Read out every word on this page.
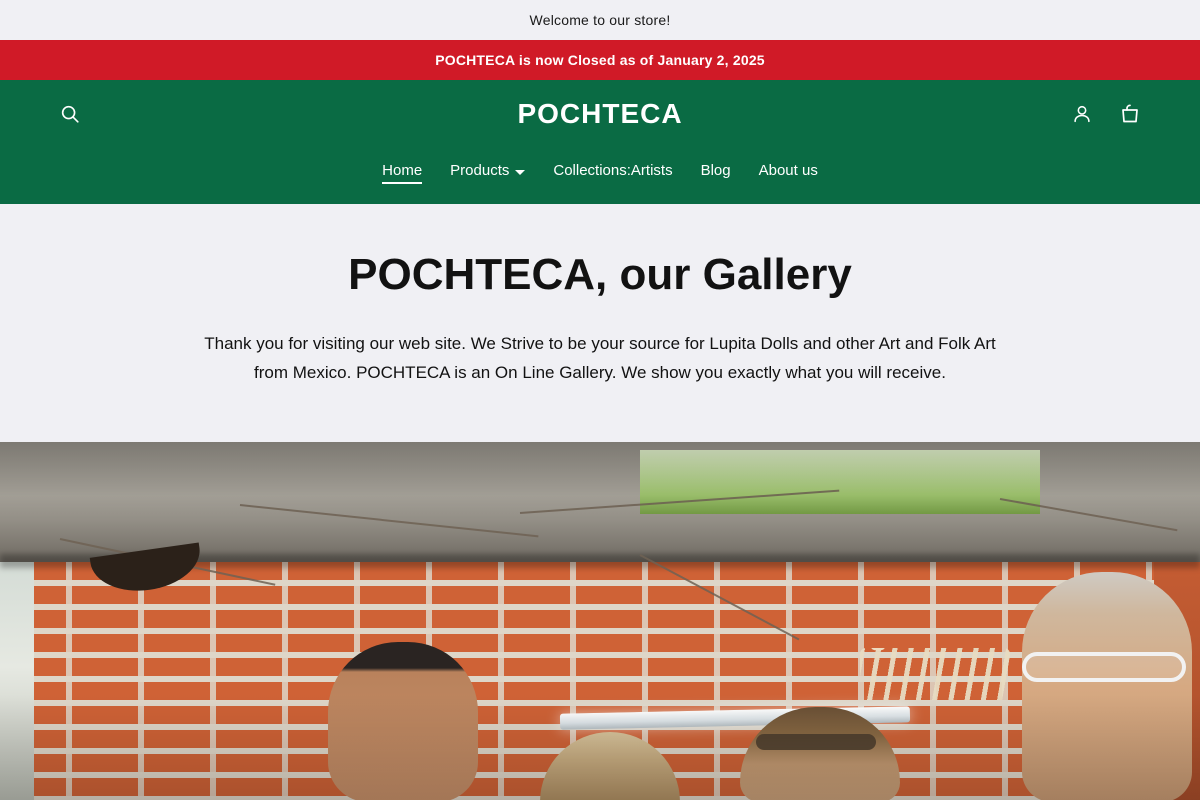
Welcome to our store!
POCHTECA is now Closed as of January 2, 2025
POCHTECA
Home Products	Collections:Artists Blog About us
POCHTECA, our Gallery

Thank you for visiting our web site. We Strive to be your source for Lupita Dolls and other Art and Folk Art from Mexico. POCHTECA is an On Line Gallery. We show you exactly what you will receive.
